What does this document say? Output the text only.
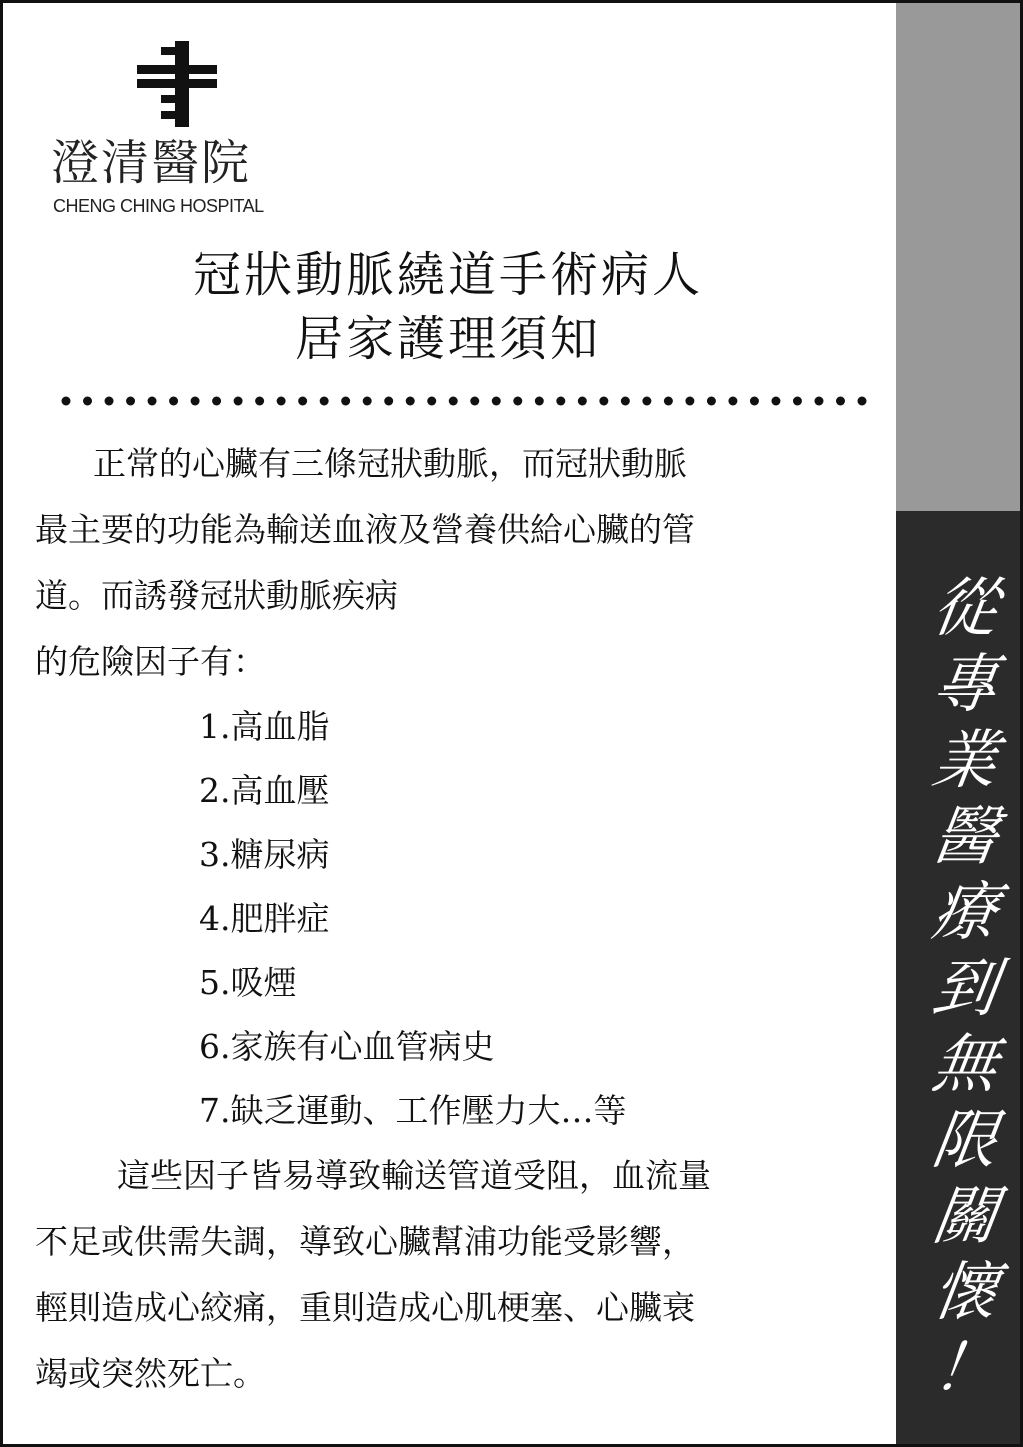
從
專
業
醫
療
到
無
限
關
懷
！
澄清醫院
CHENG CHING HOSPITAL
冠狀動脈繞道手術病人
居家護理須知

正常的心臟有三條冠狀動脈，而冠狀動脈

最主要的功能為輸送血液及營養供給心臟的管

道。而誘發冠狀動脈疾病

的危險因子有：

1.高血脂
2.高血壓
3.糖尿病
4.肥胖症
5.吸煙
6.家族有心血管病史
7.缺乏運動、工作壓力大…等

這些因子皆易導致輸送管道受阻，血流量

不足或供需失調，導致心臟幫浦功能受影響，

輕則造成心絞痛，重則造成心肌梗塞、心臟衰

竭或突然死亡。
